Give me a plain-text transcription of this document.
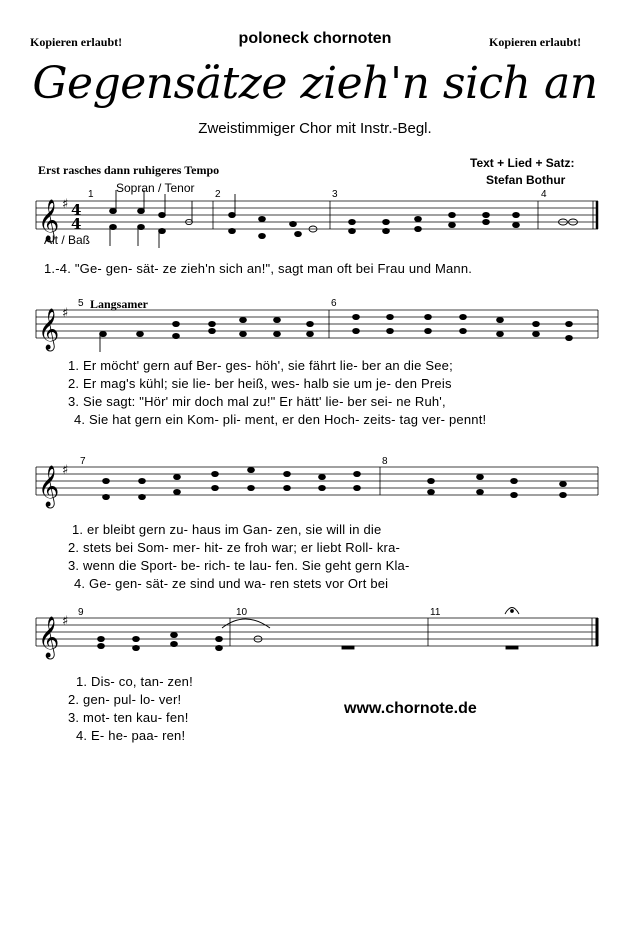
Kopieren erlaubt!	poloneck chornoten	Kopieren erlaubt!
Gegensätze zieh'n sich an
Zweistimmiger Chor mit Instr.-Begl.
Erst rasches dann ruhigeres Tempo	Text + Lied + Satz:
Stefan Bothur
Sopran / Tenor
Alt / Baß
1	2	3	4
Langsamer
5	6
7	8
9	10	11
𝄞
𝄞
𝄞
𝄞
♯
♯
♯
♯
4
4
1.-4. "Ge- gen- sät- ze zieh'n sich an!", sagt man oft bei Frau und Mann.
1. Er möcht' gern auf Ber- ges- höh', sie fährt lie- ber an die See;
2. Er mag's kühl; sie lie- ber heiß, wes- halb sie um je- den Preis
3. Sie sagt: "Hör' mir doch mal zu!" Er hätt' lie- ber sei- ne Ruh',
4. Sie hat gern ein Kom- pli- ment, er den Hoch- zeits- tag ver- pennt!
1. er bleibt gern zu- haus im Gan- zen, sie will in die
2. stets bei Som- mer- hit- ze froh war; er liebt Roll- kra-
3. wenn die Sport- be- rich- te lau- fen. Sie geht gern Kla-
4. Ge- gen- sät- ze sind und wa- ren stets vor Ort bei
1. Dis- co, tan- zen!
2. gen- pul- lo- ver!
3. mot- ten kau- fen!
4. E- he- paa- ren!
www.chornote.de
